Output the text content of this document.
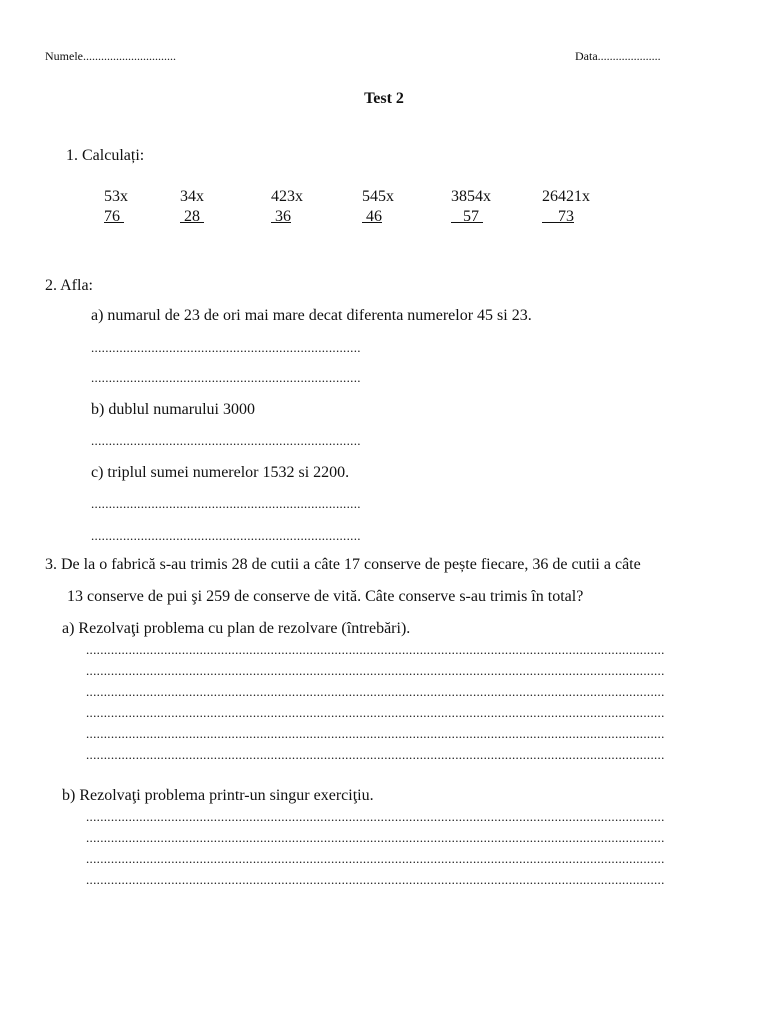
Numele...............................	Data.....................
Test 2
1. Calculați:
53x
76
34x
28
423x
36
545x
46
3854x
57
26421x
73
2. Afla:
a) numarul de 23 de ori mai mare decat diferenta numerelor 45 si 23.
............................................................................
............................................................................
b) dublul numarului 3000
............................................................................
c) triplul sumei numerelor 1532 si 2200.
............................................................................
............................................................................
3. De la o fabrică s-au trimis 28 de cutii a câte 17 conserve de pește fiecare, 36 de cutii a câte
13 conserve de pui şi 259 de conserve de vită. Câte conserve s-au trimis în total?
a) Rezolvaţi problema cu plan de rezolvare (întrebări).
...................................................................................................................................................................
...................................................................................................................................................................
...................................................................................................................................................................
...................................................................................................................................................................
...................................................................................................................................................................
...................................................................................................................................................................
b) Rezolvaţi problema printr-un singur exerciţiu.
...................................................................................................................................................................
...................................................................................................................................................................
...................................................................................................................................................................
...................................................................................................................................................................
